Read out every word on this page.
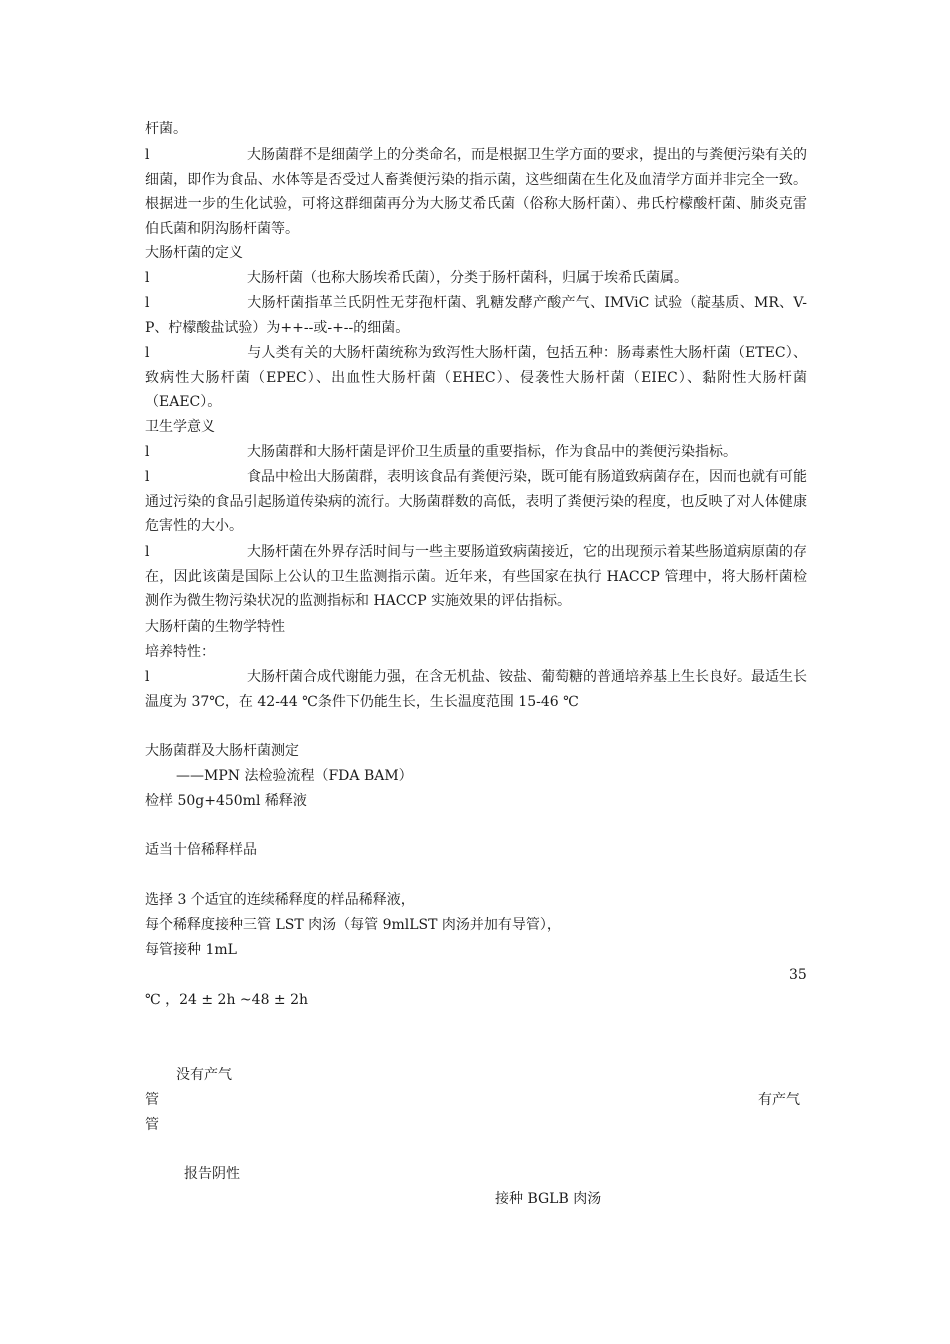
杆菌。
l	大肠菌群不是细菌学上的分类命名，而是根据卫生学方面的要求，提出的与粪便污染有关的细菌，即作为食品、水体等是否受过人畜粪便污染的指示菌，这些细菌在生化及血清学方面并非完全一致。根据进一步的生化试验，可将这群细菌再分为大肠艾希氏菌（俗称大肠杆菌）、弗氏柠檬酸杆菌、肺炎克雷伯氏菌和阴沟肠杆菌等。
大肠杆菌的定义
l	大肠杆菌（也称大肠埃希氏菌），分类于肠杆菌科，归属于埃希氏菌属。
l	大肠杆菌指革兰氏阴性无芽孢杆菌、乳糖发酵产酸产气、IMViC 试验（靛基质、MR、V-P、柠檬酸盐试验）为++--或-+--的细菌。
l	与人类有关的大肠杆菌统称为致泻性大肠杆菌，包括五种：肠毒素性大肠杆菌（ETEC）、致病性大肠杆菌（EPEC）、出血性大肠杆菌（EHEC）、侵袭性大肠杆菌（EIEC）、黏附性大肠杆菌（EAEC）。
卫生学意义
l	大肠菌群和大肠杆菌是评价卫生质量的重要指标，作为食品中的粪便污染指标。
l	食品中检出大肠菌群，表明该食品有粪便污染，既可能有肠道致病菌存在，因而也就有可能通过污染的食品引起肠道传染病的流行。大肠菌群数的高低，表明了粪便污染的程度，也反映了对人体健康危害性的大小。
l	大肠杆菌在外界存活时间与一些主要肠道致病菌接近，它的出现预示着某些肠道病原菌的存在，因此该菌是国际上公认的卫生监测指示菌。近年来，有些国家在执行 HACCP 管理中，将大肠杆菌检测作为微生物污染状况的监测指标和 HACCP 实施效果的评估指标。
大肠杆菌的生物学特性
培养特性：
l	大肠杆菌合成代谢能力强，在含无机盐、铵盐、葡萄糖的普通培养基上生长良好。最适生长温度为 37℃，在 42-44 ℃条件下仍能生长，生长温度范围 15-46 ℃
大肠菌群及大肠杆菌测定
——MPN 法检验流程（FDA BAM）
检样 50g+450ml 稀释液
适当十倍稀释样品
选择 3 个适宜的连续稀释度的样品稀释液，
每个稀释度接种三管 LST 肉汤（每管 9mlLST 肉汤并加有导管），
每管接种 1mL
35
℃ ，24 ± 2h ~48 ± 2h
没有产气
管	有产气
管
报告阴性
接种 BGLB 肉汤
